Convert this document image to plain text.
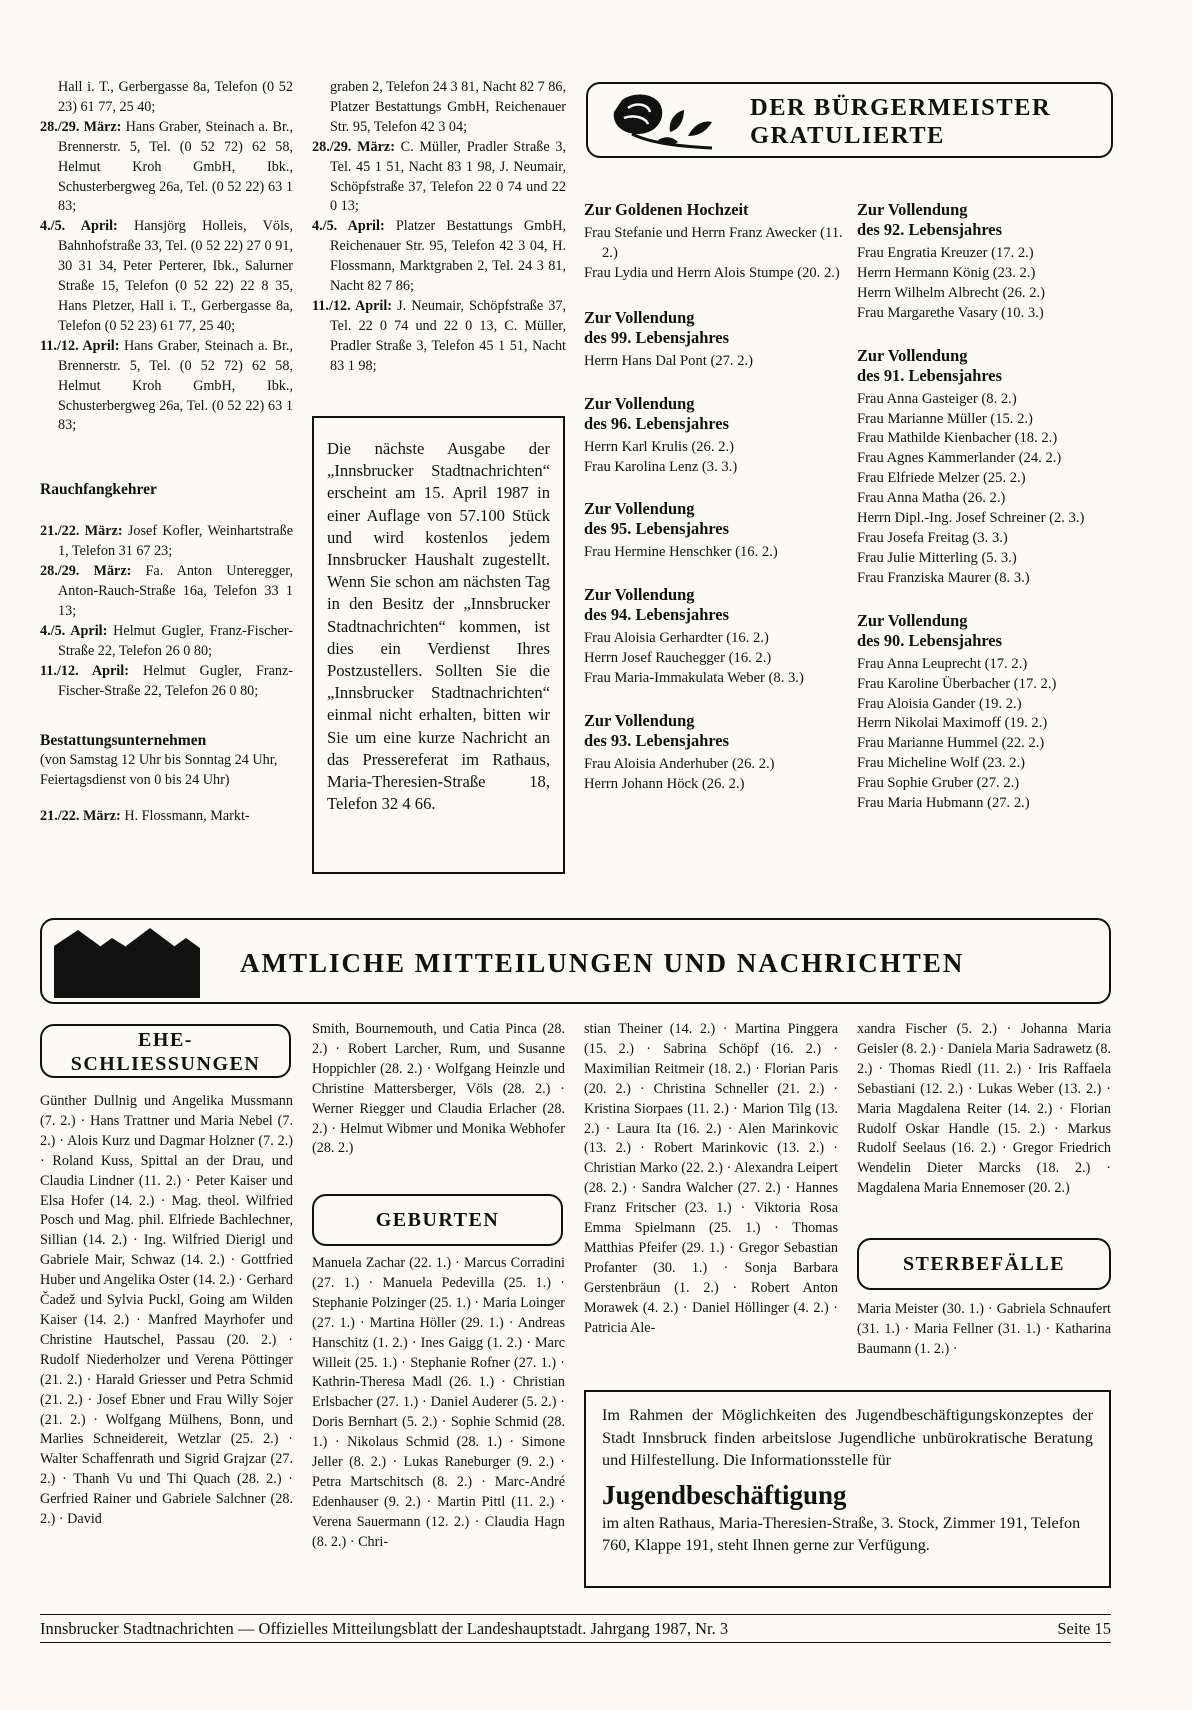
Hall i. T., Gerbergasse 8a, Telefon (0 52 23) 61 77, 25 40;
28./29. März: Hans Graber, Steinach a. Br., Brennerstr. 5, Tel. (0 52 72) 62 58, Helmut Kroh GmbH, Ibk., Schusterbergweg 26a, Tel. (0 52 22) 63 1 83;
4./5. April: Hansjörg Holleis, Völs, Bahnhofstraße 33, Tel. (0 52 22) 27 0 91, 30 31 34, Peter Perterer, Ibk., Salurner Straße 15, Telefon (0 52 22) 22 8 35, Hans Pletzer, Hall i. T., Gerbergasse 8a, Telefon (0 52 23) 61 77, 25 40;
11./12. April: Hans Graber, Steinach a. Br., Brennerstr. 5, Tel. (0 52 72) 62 58, Helmut Kroh GmbH, Ibk., Schusterbergweg 26a, Tel. (0 52 22) 63 1 83;
Rauchfangkehrer
21./22. März: Josef Kofler, Weinhartstraße 1, Telefon 31 67 23;
28./29. März: Fa. Anton Unteregger, Anton-Rauch-Straße 16a, Telefon 33 1 13;
4./5. April: Helmut Gugler, Franz-Fischer-Straße 22, Telefon 26 0 80;
11./12. April: Helmut Gugler, Franz-Fischer-Straße 22, Telefon 26 0 80;
Bestattungsunternehmen
(von Samstag 12 Uhr bis Sonntag 24 Uhr, Feiertagsdienst von 0 bis 24 Uhr)
21./22. März: H. Flossmann, Markt-
graben 2, Telefon 24 3 81, Nacht 82 7 86, Platzer Bestattungs GmbH, Reichenauer Str. 95, Telefon 42 3 04;
28./29. März: C. Müller, Pradler Straße 3, Tel. 45 1 51, Nacht 83 1 98, J. Neumair, Schöpfstraße 37, Telefon 22 0 74 und 22 0 13;
4./5. April: Platzer Bestattungs GmbH, Reichenauer Str. 95, Telefon 42 3 04, H. Flossmann, Marktgraben 2, Tel. 24 3 81, Nacht 82 7 86;
11./12. April: J. Neumair, Schöpfstraße 37, Tel. 22 0 74 und 22 0 13, C. Müller, Pradler Straße 3, Telefon 45 1 51, Nacht 83 1 98;
Die nächste Ausgabe der „Innsbrucker Stadtnachrichten“ erscheint am 15. April 1987 in einer Auflage von 57.100 Stück und wird kostenlos jedem Innsbrucker Haushalt zugestellt. Wenn Sie schon am nächsten Tag in den Besitz der „Innsbrucker Stadtnachrichten“ kommen, ist dies ein Verdienst Ihres Postzustellers. Sollten Sie die „Innsbrucker Stadtnachrichten“ einmal nicht erhalten, bitten wir Sie um eine kurze Nachricht an das Pressereferat im Rathaus, Maria-Theresien-Straße 18, Telefon 32 4 66.
DER BÜRGERMEISTER
GRATULIERTE
Zur Goldenen Hochzeit
Frau Stefanie und Herrn Franz Awecker (11. 2.)
Frau Lydia und Herrn Alois Stumpe (20. 2.)
Zur Vollendung
des 99. Lebensjahres
Herrn Hans Dal Pont (27. 2.)
Zur Vollendung
des 96. Lebensjahres
Herrn Karl Krulis (26. 2.)
Frau Karolina Lenz (3. 3.)
Zur Vollendung
des 95. Lebensjahres
Frau Hermine Henschker (16. 2.)
Zur Vollendung
des 94. Lebensjahres
Frau Aloisia Gerhardter (16. 2.)
Herrn Josef Rauchegger (16. 2.)
Frau Maria-Immakulata Weber (8. 3.)
Zur Vollendung
des 93. Lebensjahres
Frau Aloisia Anderhuber (26. 2.)
Herrn Johann Höck (26. 2.)
Zur Vollendung
des 92. Lebensjahres
Frau Engratia Kreuzer (17. 2.)
Herrn Hermann König (23. 2.)
Herrn Wilhelm Albrecht (26. 2.)
Frau Margarethe Vasary (10. 3.)
Zur Vollendung
des 91. Lebensjahres
Frau Anna Gasteiger (8. 2.)
Frau Marianne Müller (15. 2.)
Frau Mathilde Kienbacher (18. 2.)
Frau Agnes Kammerlander (24. 2.)
Frau Elfriede Melzer (25. 2.)
Frau Anna Matha (26. 2.)
Herrn Dipl.-Ing. Josef Schreiner (2. 3.)
Frau Josefa Freitag (3. 3.)
Frau Julie Mitterling (5. 3.)
Frau Franziska Maurer (8. 3.)
Zur Vollendung
des 90. Lebensjahres
Frau Anna Leuprecht (17. 2.)
Frau Karoline Überbacher (17. 2.)
Frau Aloisia Gander (19. 2.)
Herrn Nikolai Maximoff (19. 2.)
Frau Marianne Hummel (22. 2.)
Frau Micheline Wolf (23. 2.)
Frau Sophie Gruber (27. 2.)
Frau Maria Hubmann (27. 2.)
AMTLICHE MITTEILUNGEN UND NACHRICHTEN
EHE-
SCHLIESSUNGEN
Günther Dullnig und Angelika Mussmann (7. 2.) · Hans Trattner und Maria Nebel (7. 2.) · Alois Kurz und Dagmar Holzner (7. 2.) · Roland Kuss, Spittal an der Drau, und Claudia Lindner (11. 2.) · Peter Kaiser und Elsa Hofer (14. 2.) · Mag. theol. Wilfried Posch und Mag. phil. Elfriede Bachlechner, Sillian (14. 2.) · Ing. Wilfried Dierigl und Gabriele Mair, Schwaz (14. 2.) · Gottfried Huber und Angelika Oster (14. 2.) · Gerhard Čadež und Sylvia Puckl, Going am Wilden Kaiser (14. 2.) · Manfred Mayrhofer und Christine Hautschel, Passau (20. 2.) · Rudolf Niederholzer und Verena Pöttinger (21. 2.) · Harald Griesser und Petra Schmid (21. 2.) · Josef Ebner und Frau Willy Sojer (21. 2.) · Wolfgang Mülhens, Bonn, und Marlies Schneidereit, Wetzlar (25. 2.) · Walter Schaffenrath und Sigrid Grajzar (27. 2.) · Thanh Vu und Thi Quach (28. 2.) · Gerfried Rainer und Gabriele Salchner (28. 2.) · David
Smith, Bournemouth, und Catia Pinca (28. 2.) · Robert Larcher, Rum, und Susanne Hoppichler (28. 2.) · Wolfgang Heinzle und Christine Mattersberger, Völs (28. 2.) · Werner Riegger und Claudia Erlacher (28. 2.) · Helmut Wibmer und Monika Webhofer (28. 2.)
GEBURTEN
Manuela Zachar (22. 1.) · Marcus Corradini (27. 1.) · Manuela Pedevilla (25. 1.) · Stephanie Polzinger (25. 1.) · Maria Loinger (27. 1.) · Martina Höller (29. 1.) · Andreas Hanschitz (1. 2.) · Ines Gaigg (1. 2.) · Marc Willeit (25. 1.) · Stephanie Rofner (27. 1.) · Kathrin-Theresa Madl (26. 1.) · Christian Erlsbacher (27. 1.) · Daniel Auderer (5. 2.) · Doris Bernhart (5. 2.) · Sophie Schmid (28. 1.) · Nikolaus Schmid (28. 1.) · Simone Jeller (8. 2.) · Lukas Raneburger (9. 2.) · Petra Martschitsch (8. 2.) · Marc-André Edenhauser (9. 2.) · Martin Pittl (11. 2.) · Verena Sauermann (12. 2.) · Claudia Hagn (8. 2.) · Chri-
stian Theiner (14. 2.) · Martina Pinggera (15. 2.) · Sabrina Schöpf (16. 2.) · Maximilian Reitmeir (18. 2.) · Florian Paris (20. 2.) · Christina Schneller (21. 2.) · Kristina Siorpaes (11. 2.) · Marion Tilg (13. 2.) · Laura Ita (16. 2.) · Alen Marinkovic (13. 2.) · Robert Marinkovic (13. 2.) · Christian Marko (22. 2.) · Alexandra Leipert (28. 2.) · Sandra Walcher (27. 2.) · Hannes Franz Fritscher (23. 1.) · Viktoria Rosa Emma Spielmann (25. 1.) · Thomas Matthias Pfeifer (29. 1.) · Gregor Sebastian Profanter (30. 1.) · Sonja Barbara Gerstenbräun (1. 2.) · Robert Anton Morawek (4. 2.) · Daniel Höllinger (4. 2.) · Patricia Ale-
xandra Fischer (5. 2.) · Johanna Maria Geisler (8. 2.) · Daniela Maria Sadrawetz (8. 2.) · Thomas Riedl (11. 2.) · Iris Raffaela Sebastiani (12. 2.) · Lukas Weber (13. 2.) · Maria Magdalena Reiter (14. 2.) · Florian Rudolf Oskar Handle (15. 2.) · Markus Rudolf Seelaus (16. 2.) · Gregor Friedrich Wendelin Dieter Marcks (18. 2.) · Magdalena Maria Ennemoser (20. 2.)
STERBEFÄLLE
Maria Meister (30. 1.) · Gabriela Schnaufert (31. 1.) · Maria Fellner (31. 1.) · Katharina Baumann (1. 2.) ·
Im Rahmen der Möglichkeiten des Jugendbeschäftigungskonzeptes der Stadt Innsbruck finden arbeitslose Jugendliche unbürokratische Beratung und Hilfestellung. Die Informationsstelle für
Jugendbeschäftigung
im alten Rathaus, Maria-Theresien-Straße, 3. Stock, Zimmer 191, Telefon 760, Klappe 191, steht Ihnen gerne zur Verfügung.
Innsbrucker Stadtnachrichten — Offizielles Mitteilungsblatt der Landeshauptstadt. Jahrgang 1987, Nr. 3	Seite 15
